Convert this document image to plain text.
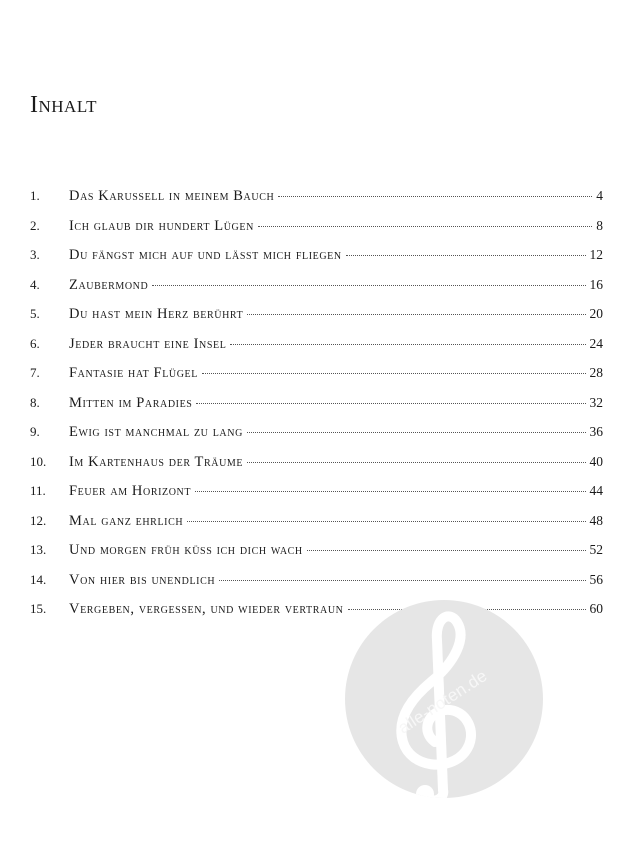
Inhalt
1.	Das Karussell in meinem Bauch	4
2.	Ich glaub dir hundert Lügen	8
3.	Du fängst mich auf und lässt mich fliegen	12
4.	Zaubermond	16
5.	Du hast mein Herz berührt	20
6.	Jeder braucht eine Insel	24
7.	Fantasie hat Flügel	28
8.	Mitten im Paradies	32
9.	Ewig ist manchmal zu lang	36
10.	Im Kartenhaus der Träume	40
11.	Feuer am Horizont	44
12.	Mal ganz ehrlich	48
13.	Und morgen früh küss ich dich wach	52
14.	Von hier bis unendlich	56
15.	Vergeben, vergessen, und wieder vertraun	60
alle-noten.de
